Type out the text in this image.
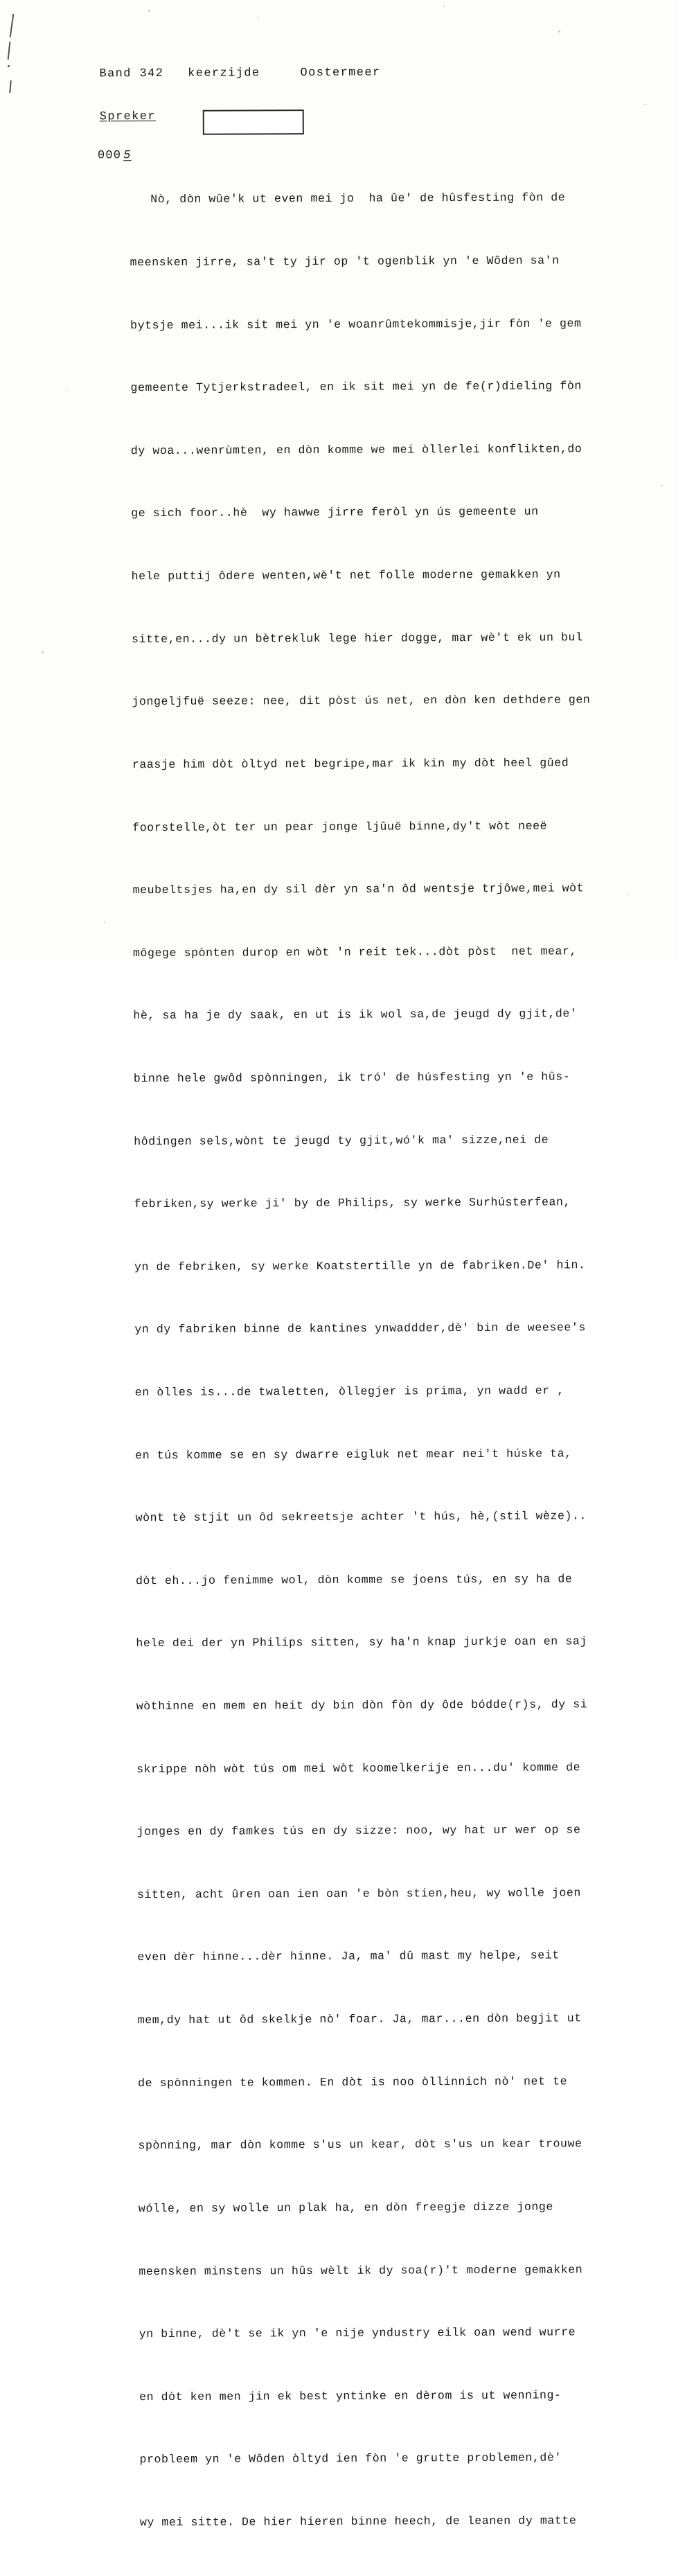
Band 342 keerzijde	Oostermeer
Spreker
000 5

Nò, dòn wûe'k ut even mei jo  ha ûe' de hûsfesting fòn de

meensken jirre, sa't ty jir op 't ogenblik yn 'e Wôden sa'n

bytsje mei...ik sit mei yn 'e woanrûmtekommisje,jir fòn 'e gem

gemeente Tytjerkstradeel, en ik sit mei yn de fe(r)dieling fòn

dy woa...wenrùmten, en dòn komme we mei òllerlei konflikten,do

ge sich foor..hè  wy hawwe jirre feròl yn ús gemeente un

hele puttij ôdere wenten,wè't net folle moderne gemakken yn

sitte,en...dy un bètrekluk lege hier dogge, mar wè't ek un bul

jongeljfuë seeze: nee, dit pòst ús net, en dòn ken dethdere gen

raasje him dòt òltyd net begripe,mar ik kin my dòt heel gûed

foorstelle,òt ter un pear jonge ljûuë binne,dy't wòt neeë

meubeltsjes ha,en dy sil dèr yn sa'n ôd wentsje trjôwe,mei wòt

môgege spònten durop en wòt 'n reit tek...dòt pòst  net mear,

hè, sa ha je dy saak, en ut is ik wol sa,de jeugd dy gjit,de'

binne hele gwôd spònningen, ik tró' de húsfesting yn 'e hûs-

hôdingen sels,wònt te jeugd ty gjit,wó'k ma' sizze,nei de

febriken,sy werke ji' by de Philips, sy werke Surhústerfean,

yn de febriken, sy werke Koatstertille yn de fabriken.De' hin.

yn dy fabriken binne de kantines ynwaddder,dè' bin de weesee's

en òlles is...de twaletten, òllegjer is prima, yn wadd er ,

en tús komme se en sy dwarre eigluk net mear nei't húske ta,

wònt tè stjit un ôd sekreetsje achter 't hús, hè,(stil wèze)..

dòt eh...jo fenimme wol, dòn komme se joens tús, en sy ha de

hele dei der yn Philips sitten, sy ha'n knap jurkje oan en saj

wòthinne en mem en heit dy bin dòn fòn dy ôde bódde(r)s, dy si

skrippe nòh wòt tús om mei wòt koomelkerije en...du' komme de

jonges en dy famkes tús en dy sizze: noo, wy hat ur wer op se

sitten, acht ûren oan ien oan 'e bòn stien,heu, wy wolle joen

even dèr hinne...dèr hinne. Ja, ma' dû mast my helpe, seit

mem,dy hat ut ôd skelkje nò' foar. Ja, mar...en dòn begjit ut

de spònningen te kommen. En dòt is noo òllinnich nò' net te

spònning, mar dòn komme s'us un kear, dòt s'us un kear trouwe

wólle, en sy wolle un plak ha, en dòn freegje dizze jonge

meensken minstens un hûs wèlt ik dy soa(r)'t moderne gemakken

yn binne, dè't se ik yn 'e nije yndustry eilk oan wend wurre

en dòt ken men jin ek best yntinke en dèrom is ut wenning-

probleem yn 'e Wôden òltyd ien fòn 'e grutte problemen,dè'

wy mei sitte. De hier hieren binne heech, de leanen dy matte
